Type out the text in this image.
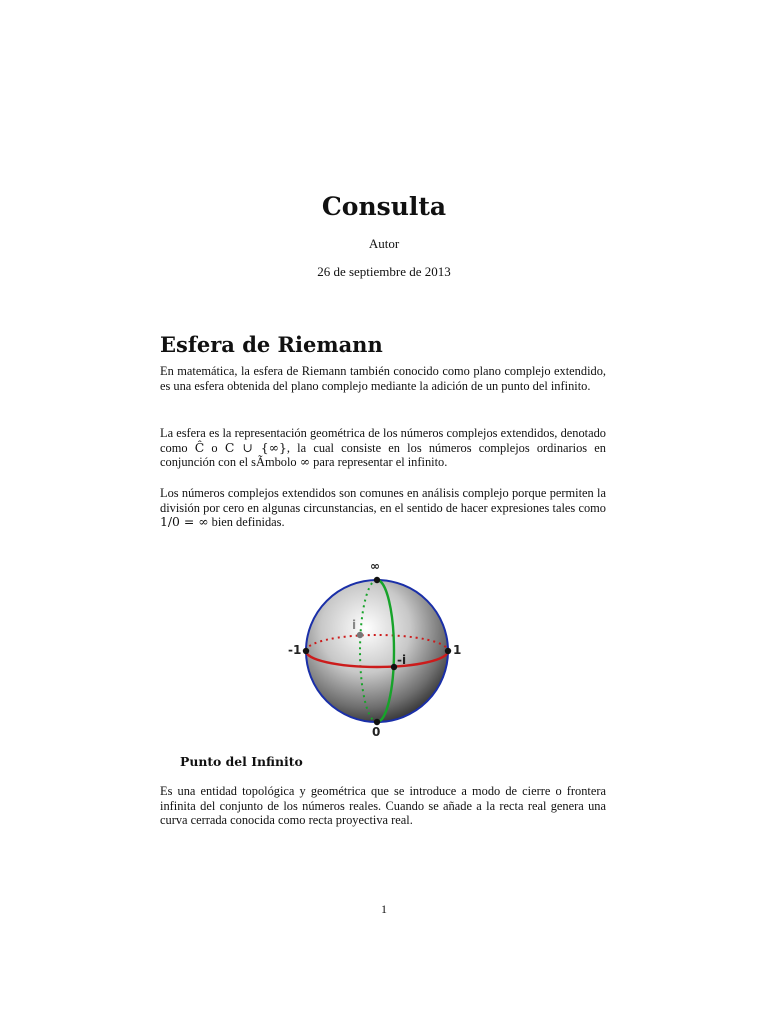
Consulta
Autor
26 de septiembre de 2013
Esfera de Riemann

En matemática, la esfera de Riemann también conocido como plano complejo extendido, es una esfera obtenida del plano complejo mediante la adición de un punto del infinito.

La esfera es la representación geométrica de los números complejos extendidos, denotado como Ĉ o C ∪ {∞}, la cual consiste en los números complejos ordinarios en conjunción con el sÃmbolo ∞ para representar el infinito.

Los números complejos extendidos son comunes en análisis complejo porque permiten la división por cero en algunas circunstancias, en el sentido de hacer expresiones tales como 1/0 = ∞ bien definidas.

∞
-1	1
-i
i
0
Punto del Infinito

Es una entidad topológica y geométrica que se introduce a modo de cierre o frontera infinita del conjunto de los números reales. Cuando se añade a la recta real genera una curva cerrada conocida como recta proyectiva real.

1
